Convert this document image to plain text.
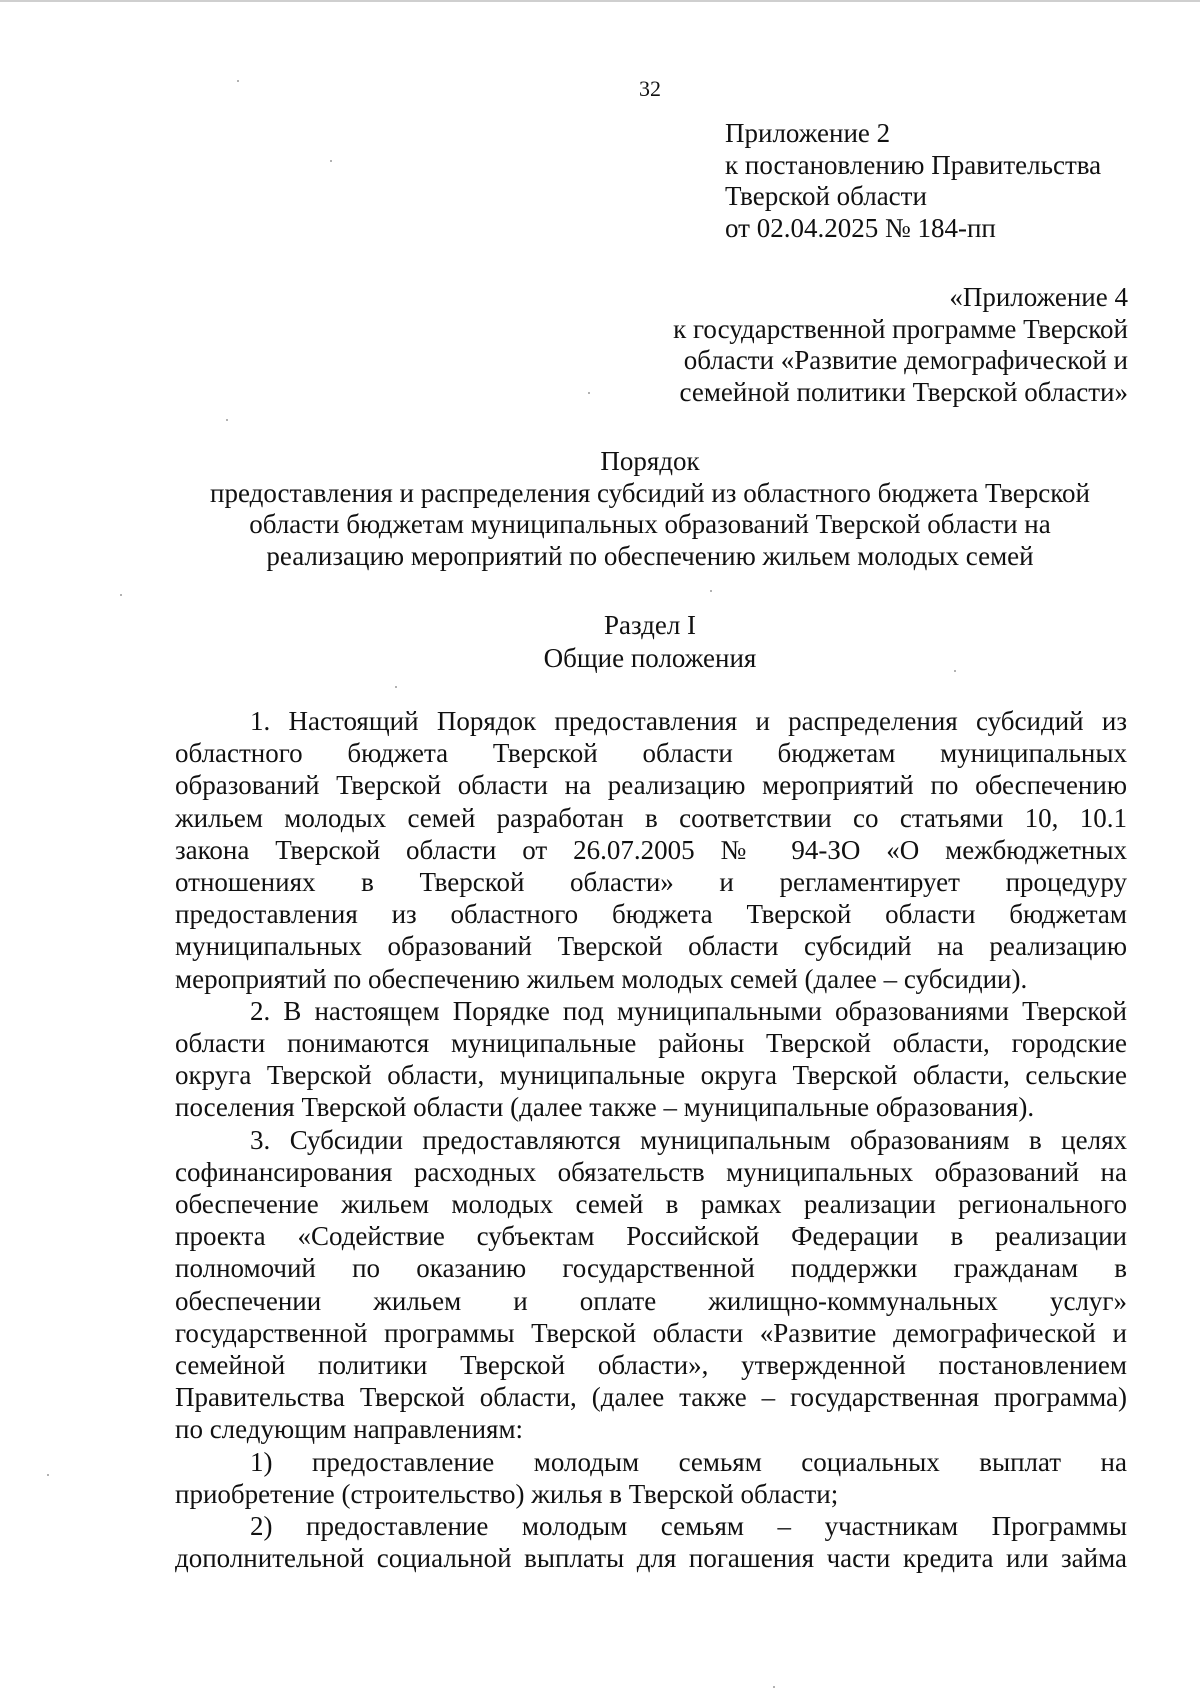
32
Приложение 2
к постановлению Правительства
Тверской области
от 02.04.2025 № 184-пп
«Приложение 4
к государственной программе Тверской
области «Развитие демографической и
семейной политики Тверской области»
Порядок
предоставления и распределения субсидий из областного бюджета Тверской
области бюджетам муниципальных образований Тверской области на
реализацию мероприятий по обеспечению жильем молодых семей
Раздел I
Общие положения
1. Настоящий Порядок предоставления и распределения субсидий из
областного бюджета Тверской области бюджетам муниципальных
образований Тверской области на реализацию мероприятий по обеспечению
жильем молодых семей разработан в соответствии со статьями 10, 10.1
закона Тверской области от 26.07.2005 № 94-ЗО «О межбюджетных
отношениях в Тверской области» и регламентирует процедуру
предоставления из областного бюджета Тверской области бюджетам
муниципальных образований Тверской области субсидий на реализацию
мероприятий по обеспечению жильем молодых семей (далее – субсидии).
2. В настоящем Порядке под муниципальными образованиями Тверской
области понимаются муниципальные районы Тверской области, городские
округа Тверской области, муниципальные округа Тверской области, сельские
поселения Тверской области (далее также – муниципальные образования).
3. Субсидии предоставляются муниципальным образованиям в целях
софинансирования расходных обязательств муниципальных образований на
обеспечение жильем молодых семей в рамках реализации регионального
проекта «Содействие субъектам Российской Федерации в реализации
полномочий по оказанию государственной поддержки гражданам в
обеспечении жильем и оплате жилищно-коммунальных услуг»
государственной программы Тверской области «Развитие демографической и
семейной политики Тверской области», утвержденной постановлением
Правительства Тверской области, (далее также – государственная программа)
по следующим направлениям:
1) предоставление молодым семьям социальных выплат на
приобретение (строительство) жилья в Тверской области;
2) предоставление молодым семьям – участникам Программы
дополнительной социальной выплаты для погашения части кредита или займа
